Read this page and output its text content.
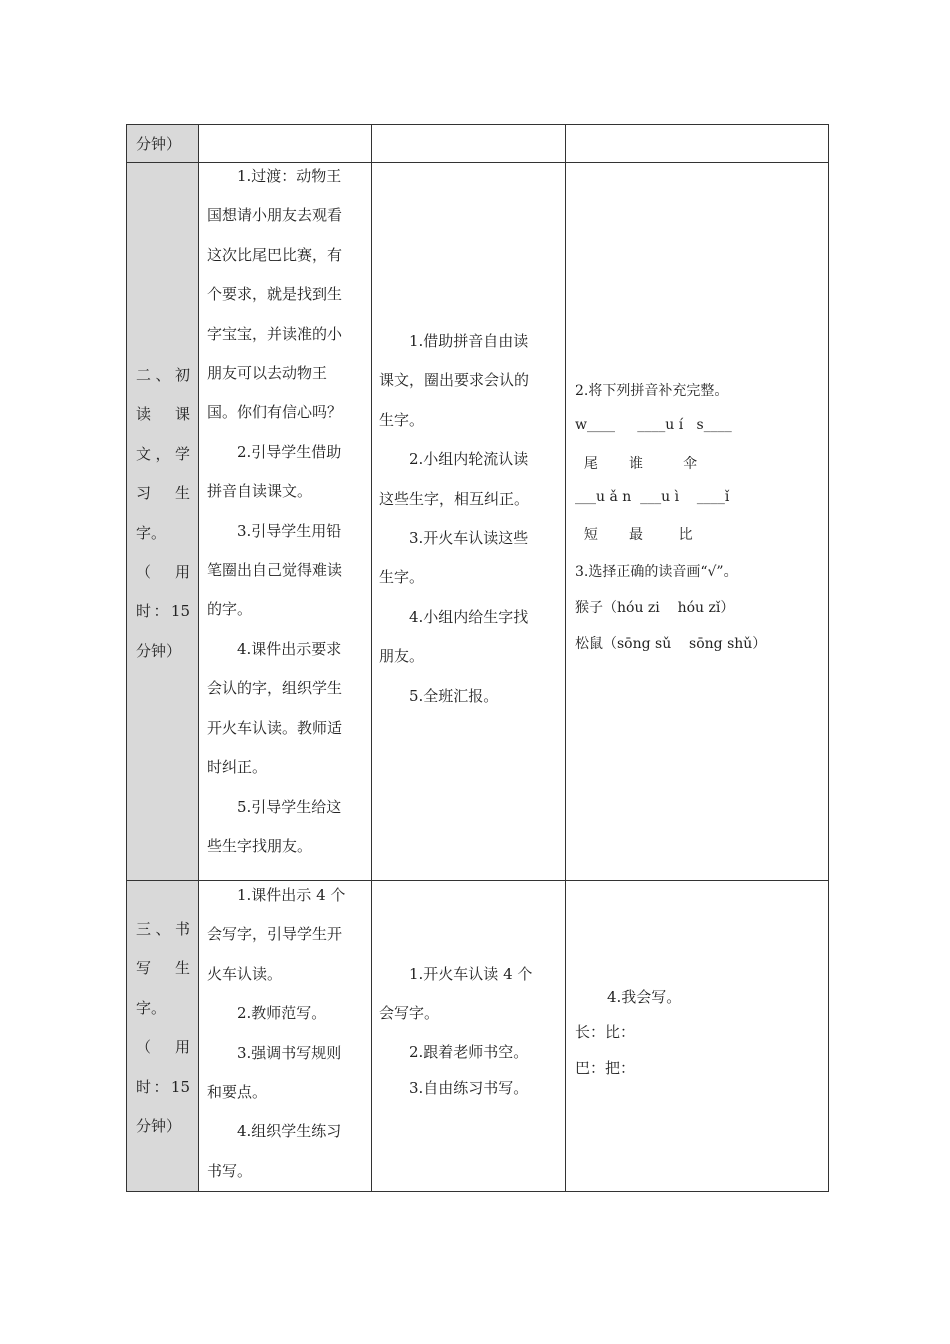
分钟）
二、初
读 课
文，学
习 生
字。
（ 用
时：15
分钟）

1.过渡：动物王

国想请小朋友去观看

这次比尾巴比赛，有

个要求，就是找到生

字宝宝，并读准的小

朋友可以去动物王

国。你们有信心吗？

2.引导学生借助

拼音自读课文。

3.引导学生用铅

笔圈出自己觉得难读

的字。

4.课件出示要求

会认的字，组织学生

开火车认读。教师适

时纠正。

5.引导学生给这

些生字找朋友。

1.借助拼音自由读

课文，圈出要求会认的

生字。

2.小组内轮流认读

这些生字，相互纠正。

3.开火车认读这些

生字。

4.小组内给生字找

朋友。

5.全班汇报。

2.将下列拼音补充完整。
w____     ____u í   s____
尾       谁         伞
___u ǎ n  ___u ì    ____ǐ
短       最        比
3.选择正确的读音画“√”。
猴子（hóu zi    hóu zǐ）
松鼠（sōng sǔ    sōng shǔ）
三、书
写 生
字。
（ 用
时：15
分钟）

1.课件出示 4 个

会写字，引导学生开

火车认读。

2.教师范写。

3.强调书写规则

和要点。

4.组织学生练习

书写。

1.开火车认读 4 个

会写字。

2.跟着老师书空。

3.自由练习书写。

4.我会写。
长：比：
巴：把：
